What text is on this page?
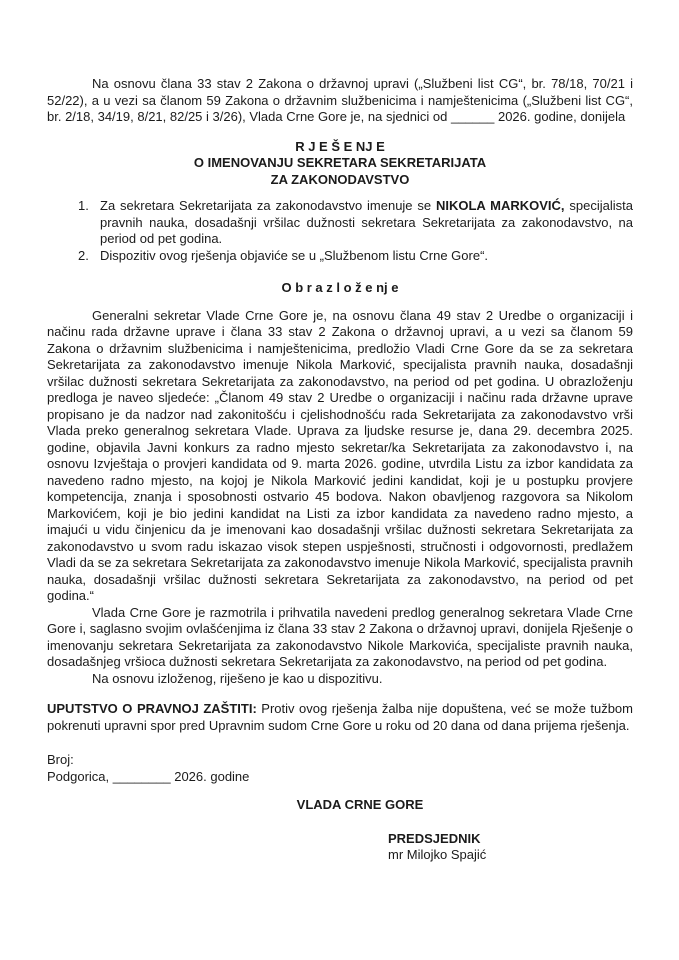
Na osnovu člana 33 stav 2 Zakona o državnoj upravi („Službeni list CG“, br. 78/18, 70/21 i 52/22), a u vezi sa članom 59 Zakona o državnim službenicima i namještenicima („Službeni list CG“, br. 2/18, 34/19, 8/21, 82/25 i 3/26), Vlada Crne Gore je, na sjednici od ______ 2026. godine, donijela

R J E Š E NJ E

O IMENOVANJU SEKRETARA SEKRETARIJATA

ZA ZAKONODAVSTVO

1. Za sekretara Sekretarijata za zakonodavstvo imenuje se NIKOLA MARKOVIĆ, specijalista pravnih nauka, dosadašnji vršilac dužnosti sekretara Sekretarijata za zakonodavstvo, na period od pet godina.

2. Dispozitiv ovog rješenja objaviće se u „Službenom listu Crne Gore“.

O b r a z l o ž e nj e

Generalni sekretar Vlade Crne Gore je, na osnovu člana 49 stav 2 Uredbe o organizaciji i načinu rada državne uprave i člana 33 stav 2 Zakona o državnoj upravi, a u vezi sa članom 59 Zakona o državnim službenicima i namještenicima, predložio Vladi Crne Gore da se za sekretara Sekretarijata za zakonodavstvo imenuje Nikola Marković, specijalista pravnih nauka, dosadašnji vršilac dužnosti sekretara Sekretarijata za zakonodavstvo, na period od pet godina. U obrazloženju predloga je naveo sljedeće: „Članom 49 stav 2 Uredbe o organizaciji i načinu rada državne uprave propisano je da nadzor nad zakonitošću i cjelishodnošću rada Sekretarijata za zakonodavstvo vrši Vlada preko generalnog sekretara Vlade. Uprava za ljudske resurse je, dana 29. decembra 2025. godine, objavila Javni konkurs za radno mjesto sekretar/ka Sekretarijata za zakonodavstvo i, na osnovu Izvještaja o provjeri kandidata od 9. marta 2026. godine, utvrdila Listu za izbor kandidata za navedeno radno mjesto, na kojoj je Nikola Marković jedini kandidat, koji je u postupku provjere kompetencija, znanja i sposobnosti ostvario 45 bodova. Nakon obavljenog razgovora sa Nikolom Markovićem, koji je bio jedini kandidat na Listi za izbor kandidata za navedeno radno mjesto, a imajući u vidu činjenicu da je imenovani kao dosadašnji vršilac dužnosti sekretara Sekretarijata za zakonodavstvo u svom radu iskazao visok stepen uspješnosti, stručnosti i odgovornosti, predlažem Vladi da se za sekretara Sekretarijata za zakonodavstvo imenuje Nikola Marković, specijalista pravnih nauka, dosadašnji vršilac dužnosti sekretara Sekretarijata za zakonodavstvo, na period od pet godina.“

Vlada Crne Gore je razmotrila i prihvatila navedeni predlog generalnog sekretara Vlade Crne Gore i, saglasno svojim ovlašćenjima iz člana 33 stav 2 Zakona o državnoj upravi, donijela Rješenje o imenovanju sekretara Sekretarijata za zakonodavstvo Nikole Markovića, specijaliste pravnih nauka, dosadašnjeg vršioca dužnosti sekretara Sekretarijata za zakonodavstvo, na period od pet godina.

Na osnovu izloženog, riješeno je kao u dispozitivu.

UPUTSTVO O PRAVNOJ ZAŠTITI: Protiv ovog rješenja žalba nije dopuštena, već se može tužbom pokrenuti upravni spor pred Upravnim sudom Crne Gore u roku od 20 dana od dana prijema rješenja.

Broj:

Podgorica, ________ 2026. godine

VLADA CRNE GORE

PREDSJEDNIK

mr Milojko Spajić
